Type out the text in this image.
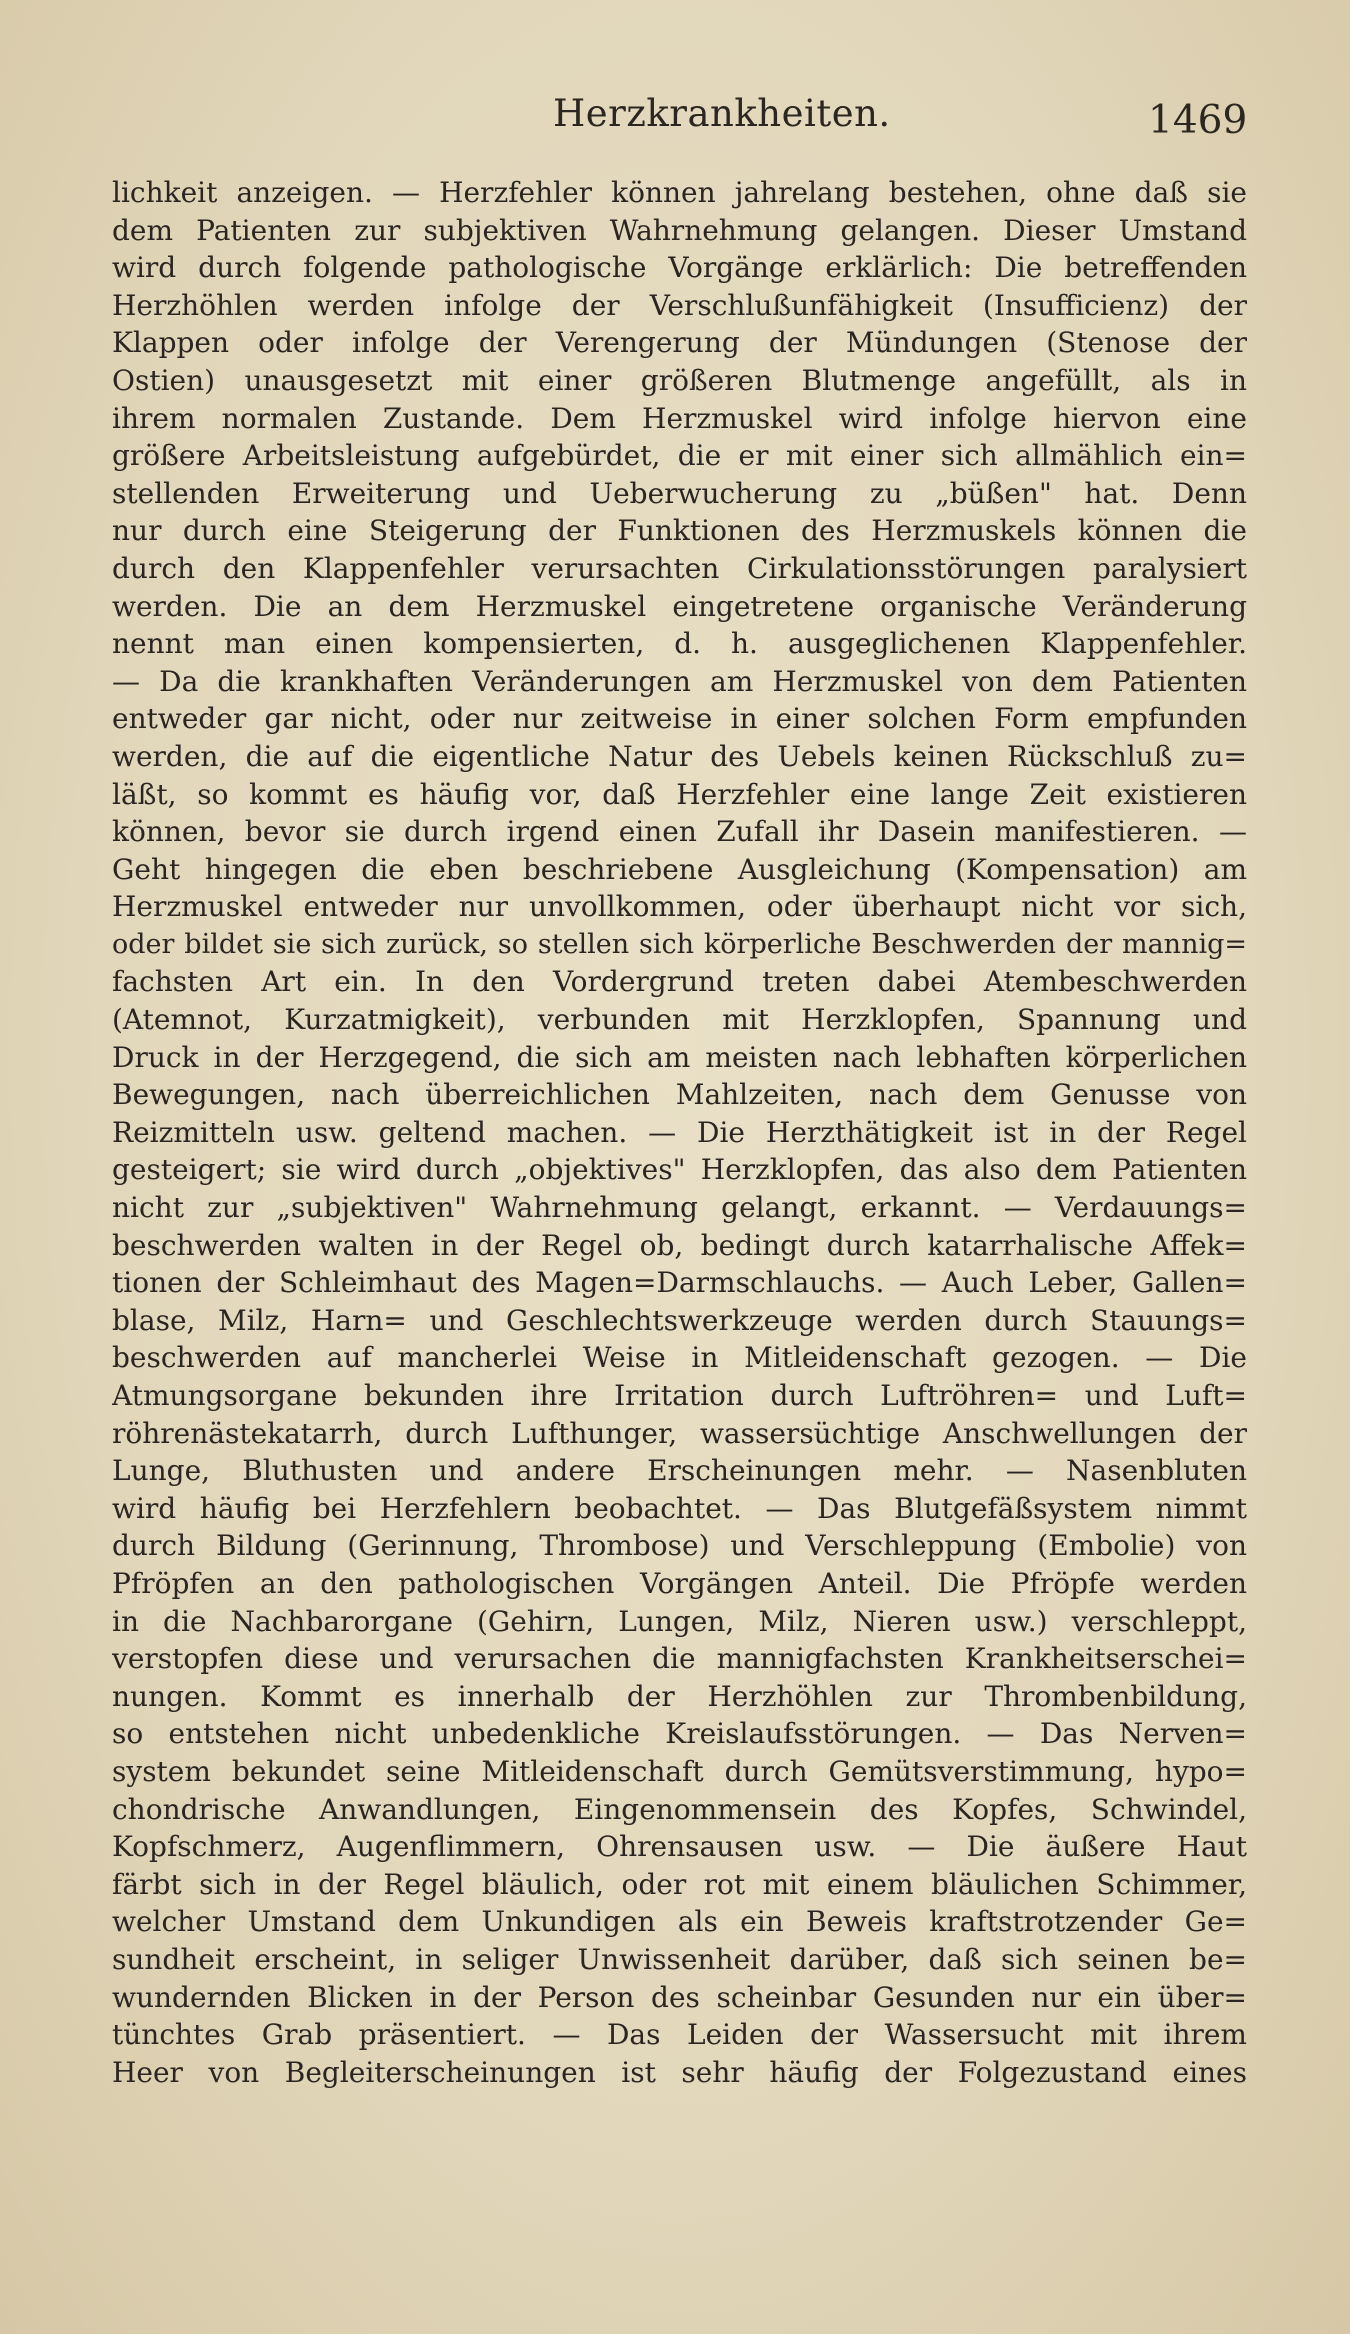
Herzkrankheiten.	1469
lichkeit anzeigen. — Herzfehler können jahrelang bestehen, ohne daß sie
dem Patienten zur subjektiven Wahrnehmung gelangen. Dieser Umstand
wird durch folgende pathologische Vorgänge erklärlich: Die betreffenden
Herzhöhlen werden infolge der Verschlußunfähigkeit (Insufficienz) der
Klappen oder infolge der Verengerung der Mündungen (Stenose der
Ostien) unausgesetzt mit einer größeren Blutmenge angefüllt, als in
ihrem normalen Zustande. Dem Herzmuskel wird infolge hiervon eine
größere Arbeitsleistung aufgebürdet, die er mit einer sich allmählich ein=
stellenden Erweiterung und Ueberwucherung zu „büßen" hat. Denn
nur durch eine Steigerung der Funktionen des Herzmuskels können die
durch den Klappenfehler verursachten Cirkulationsstörungen paralysiert
werden. Die an dem Herzmuskel eingetretene organische Veränderung
nennt man einen kompensierten, d. h. ausgeglichenen Klappenfehler.
— Da die krankhaften Veränderungen am Herzmuskel von dem Patienten
entweder gar nicht, oder nur zeitweise in einer solchen Form empfunden
werden, die auf die eigentliche Natur des Uebels keinen Rückschluß zu=
läßt, so kommt es häufig vor, daß Herzfehler eine lange Zeit existieren
können, bevor sie durch irgend einen Zufall ihr Dasein manifestieren. —
Geht hingegen die eben beschriebene Ausgleichung (Kompensation) am
Herzmuskel entweder nur unvollkommen, oder überhaupt nicht vor sich,
oder bildet sie sich zurück, so stellen sich körperliche Beschwerden der mannig=
fachsten Art ein. In den Vordergrund treten dabei Atembeschwerden
(Atemnot, Kurzatmigkeit), verbunden mit Herzklopfen, Spannung und
Druck in der Herzgegend, die sich am meisten nach lebhaften körperlichen
Bewegungen, nach überreichlichen Mahlzeiten, nach dem Genusse von
Reizmitteln usw. geltend machen. — Die Herzthätigkeit ist in der Regel
gesteigert; sie wird durch „objektives" Herzklopfen, das also dem Patienten
nicht zur „subjektiven" Wahrnehmung gelangt, erkannt. — Verdauungs=
beschwerden walten in der Regel ob, bedingt durch katarrhalische Affek=
tionen der Schleimhaut des Magen=Darmschlauchs. — Auch Leber, Gallen=
blase, Milz, Harn= und Geschlechtswerkzeuge werden durch Stauungs=
beschwerden auf mancherlei Weise in Mitleidenschaft gezogen. — Die
Atmungsorgane bekunden ihre Irritation durch Luftröhren= und Luft=
röhrenästekatarrh, durch Lufthunger, wassersüchtige Anschwellungen der
Lunge, Bluthusten und andere Erscheinungen mehr. — Nasenbluten
wird häufig bei Herzfehlern beobachtet. — Das Blutgefäßsystem nimmt
durch Bildung (Gerinnung, Thrombose) und Verschleppung (Embolie) von
Pfröpfen an den pathologischen Vorgängen Anteil. Die Pfröpfe werden
in die Nachbarorgane (Gehirn, Lungen, Milz, Nieren usw.) verschleppt,
verstopfen diese und verursachen die mannigfachsten Krankheitserschei=
nungen. Kommt es innerhalb der Herzhöhlen zur Thrombenbildung,
so entstehen nicht unbedenkliche Kreislaufsstörungen. — Das Nerven=
system bekundet seine Mitleidenschaft durch Gemütsverstimmung, hypo=
chondrische Anwandlungen, Eingenommensein des Kopfes, Schwindel,
Kopfschmerz, Augenflimmern, Ohrensausen usw. — Die äußere Haut
färbt sich in der Regel bläulich, oder rot mit einem bläulichen Schimmer,
welcher Umstand dem Unkundigen als ein Beweis kraftstrotzender Ge=
sundheit erscheint, in seliger Unwissenheit darüber, daß sich seinen be=
wundernden Blicken in der Person des scheinbar Gesunden nur ein über=
tünchtes Grab präsentiert. — Das Leiden der Wassersucht mit ihrem
Heer von Begleiterscheinungen ist sehr häufig der Folgezustand eines
